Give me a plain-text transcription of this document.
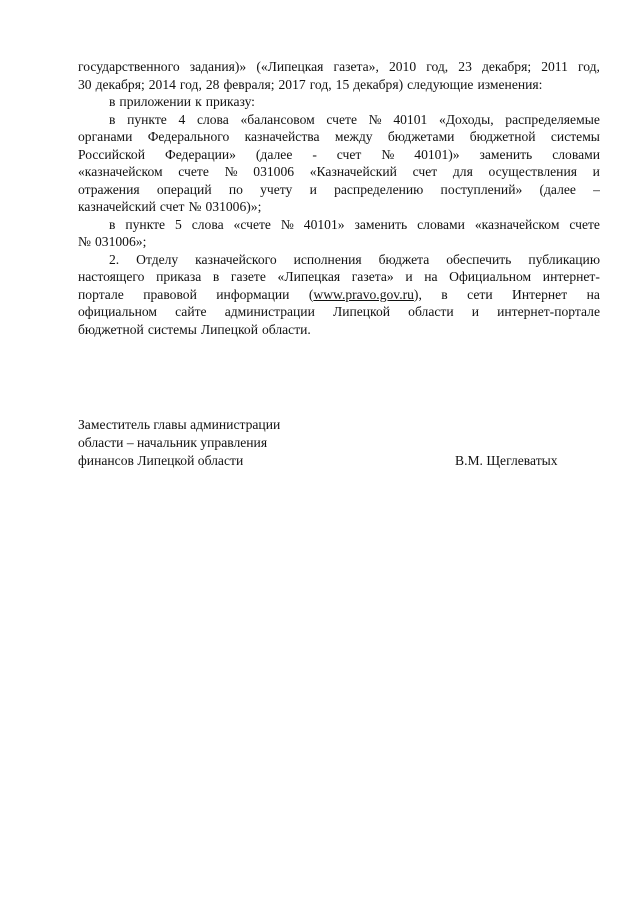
государственного задания)» («Липецкая газета», 2010 год, 23 декабря; 2011 год,
30 декабря; 2014 год, 28 февраля; 2017 год, 15 декабря) следующие изменения:
в приложении к приказу:
в пункте 4 слова «балансовом счете № 40101 «Доходы, распределяемые
органами Федерального казначейства между бюджетами бюджетной системы
Российской Федерации» (далее - счет № 40101)» заменить словами
«казначейском счете № 031006 «Казначейский счет для осуществления и
отражения операций по учету и распределению поступлений» (далее –
казначейский счет № 031006)»;
в пункте 5 слова «счете № 40101» заменить словами «казначейском счете
№ 031006»;
2. Отделу казначейского исполнения бюджета обеспечить публикацию
настоящего приказа в газете «Липецкая газета» и на Официальном интернет-
портале правовой информации (www.pravo.gov.ru), в сети Интернет на
официальном сайте администрации Липецкой области и интернет-портале
бюджетной системы Липецкой области.
Заместитель главы администрации
области – начальник управления
финансов Липецкой области	В.М. Щеглеватых
